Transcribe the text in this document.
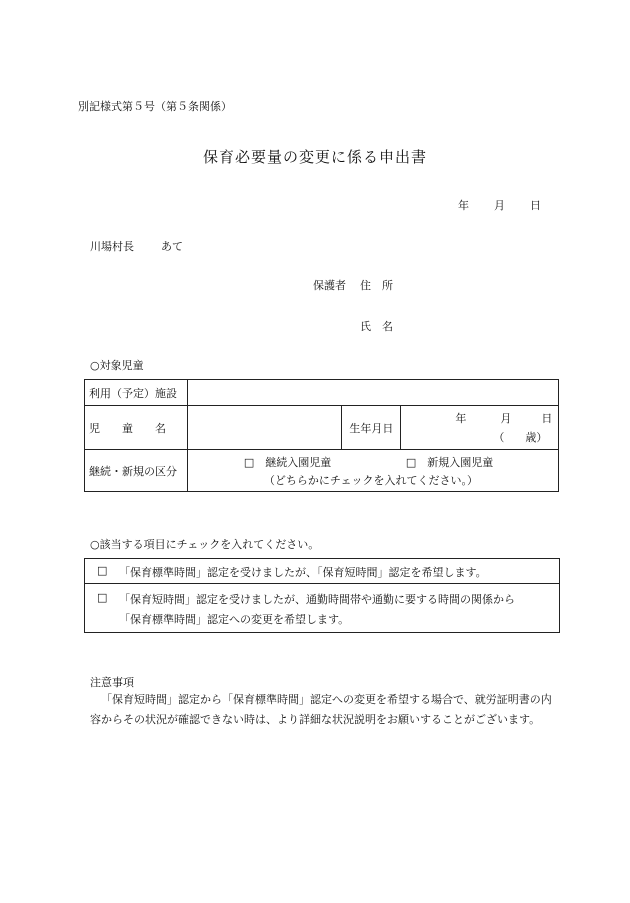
別記様式第５号（第５条関係）
保育必要量の変更に係る申出書
年 月 日
川場村長 あて
保護者 住 所
氏 名
○対象児童
利用（予定）施設			
児　　童　　名		生年月日	年 月 日
（ 歳）

継続・新規の区分	□　継続入園児童 □　新規入園児童
（どちらかにチェックを入れてください。）		
○該当する項目にチェックを入れてください。
□ 「保育標準時間」認定を受けましたが、「保育短時間」認定を希望します。
□ 「保育短時間」認定を受けましたが、通勤時間帯や通勤に要する時間の関係から
「保育標準時間」認定への変更を希望します。
注意事項
「保育短時間」認定から「保育標準時間」認定への変更を希望する場合で、就労証明書の内容からその状況が確認できない時は、より詳細な状況説明をお願いすることがございます。
